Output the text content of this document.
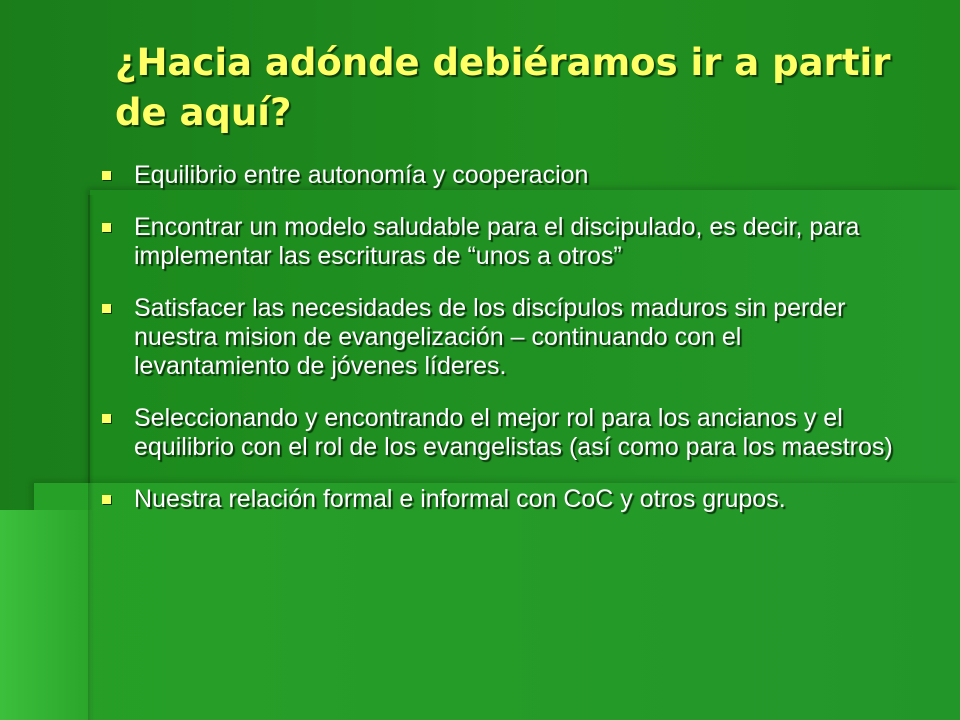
¿Hacia adónde debiéramos ir a partir de aquí?
Equilibrio entre autonomía y cooperacion
Encontrar un modelo saludable para el discipulado, es decir, para implementar las escrituras de “unos a otros”
Satisfacer las necesidades de los discípulos maduros sin perder nuestra mision de evangelización – continuando con el levantamiento de jóvenes líderes.
Seleccionando y encontrando el mejor rol para los ancianos y el equilibrio con el rol de los evangelistas (así como para los maestros)
Nuestra relación formal e informal con CoC y otros grupos.
